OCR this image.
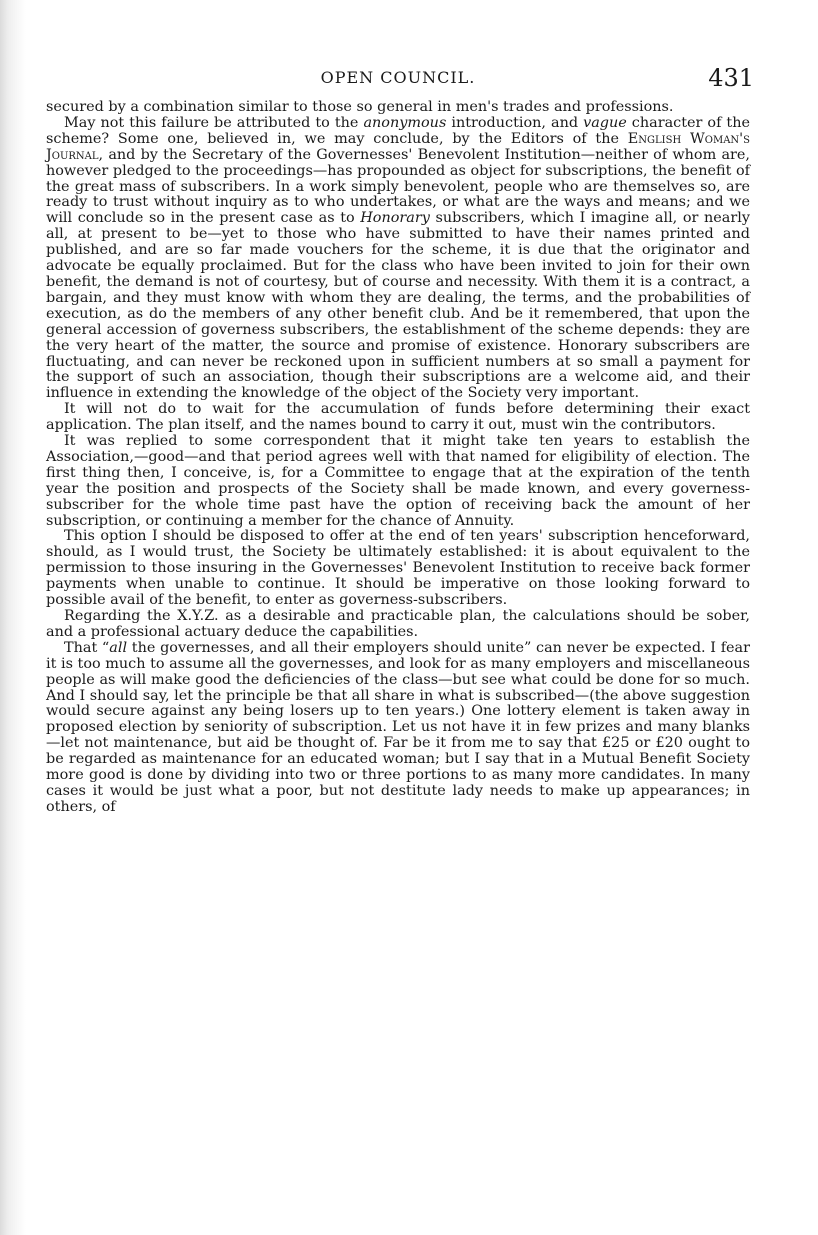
OPEN COUNCIL.	431

secured by a combination similar to those so general in men's trades and professions.

May not this failure be attributed to the anonymous introduction, and vague character of the scheme? Some one, believed in, we may conclude, by the Editors of the English Woman's Journal, and by the Secretary of the Governesses' Benevolent Institution—neither of whom are, however pledged to the proceedings—has propounded as object for subscriptions, the benefit of the great mass of subscribers. In a work simply benevolent, people who are themselves so, are ready to trust without inquiry as to who undertakes, or what are the ways and means; and we will conclude so in the present case as to Honorary subscribers, which I imagine all, or nearly all, at present to be—yet to those who have submitted to have their names printed and published, and are so far made vouchers for the scheme, it is due that the originator and advocate be equally proclaimed. But for the class who have been invited to join for their own benefit, the demand is not of courtesy, but of course and necessity. With them it is a contract, a bargain, and they must know with whom they are dealing, the terms, and the probabilities of execution, as do the members of any other benefit club. And be it remembered, that upon the general accession of governess subscribers, the establishment of the scheme depends: they are the very heart of the matter, the source and promise of existence. Honorary subscribers are fluctuating, and can never be reckoned upon in sufficient numbers at so small a payment for the support of such an association, though their subscriptions are a welcome aid, and their influence in extending the knowledge of the object of the Society very important.

It will not do to wait for the accumulation of funds before determining their exact application. The plan itself, and the names bound to carry it out, must win the contributors.

It was replied to some correspondent that it might take ten years to establish the Association,—good—and that period agrees well with that named for eligibility of election. The first thing then, I conceive, is, for a Committee to engage that at the expiration of the tenth year the position and prospects of the Society shall be made known, and every governess-subscriber for the whole time past have the option of receiving back the amount of her subscription, or continuing a member for the chance of Annuity.

This option I should be disposed to offer at the end of ten years' subscription henceforward, should, as I would trust, the Society be ultimately established: it is about equivalent to the permission to those insuring in the Governesses' Benevolent Institution to receive back former payments when unable to continue. It should be imperative on those looking forward to possible avail of the benefit, to enter as governess-subscribers.

Regarding the X.Y.Z. as a desirable and practicable plan, the calculations should be sober, and a professional actuary deduce the capabilities.

That “all the governesses, and all their employers should unite” can never be expected. I fear it is too much to assume all the governesses, and look for as many employers and miscellaneous people as will make good the deficiencies of the class—but see what could be done for so much. And I should say, let the principle be that all share in what is subscribed—(the above suggestion would secure against any being losers up to ten years.) One lottery element is taken away in proposed election by seniority of subscription. Let us not have it in few prizes and many blanks—let not maintenance, but aid be thought of. Far be it from me to say that £25 or £20 ought to be regarded as maintenance for an educated woman; but I say that in a Mutual Benefit Society more good is done by dividing into two or three portions to as many more candidates. In many cases it would be just what a poor, but not destitute lady needs to make up appearances; in others, of
